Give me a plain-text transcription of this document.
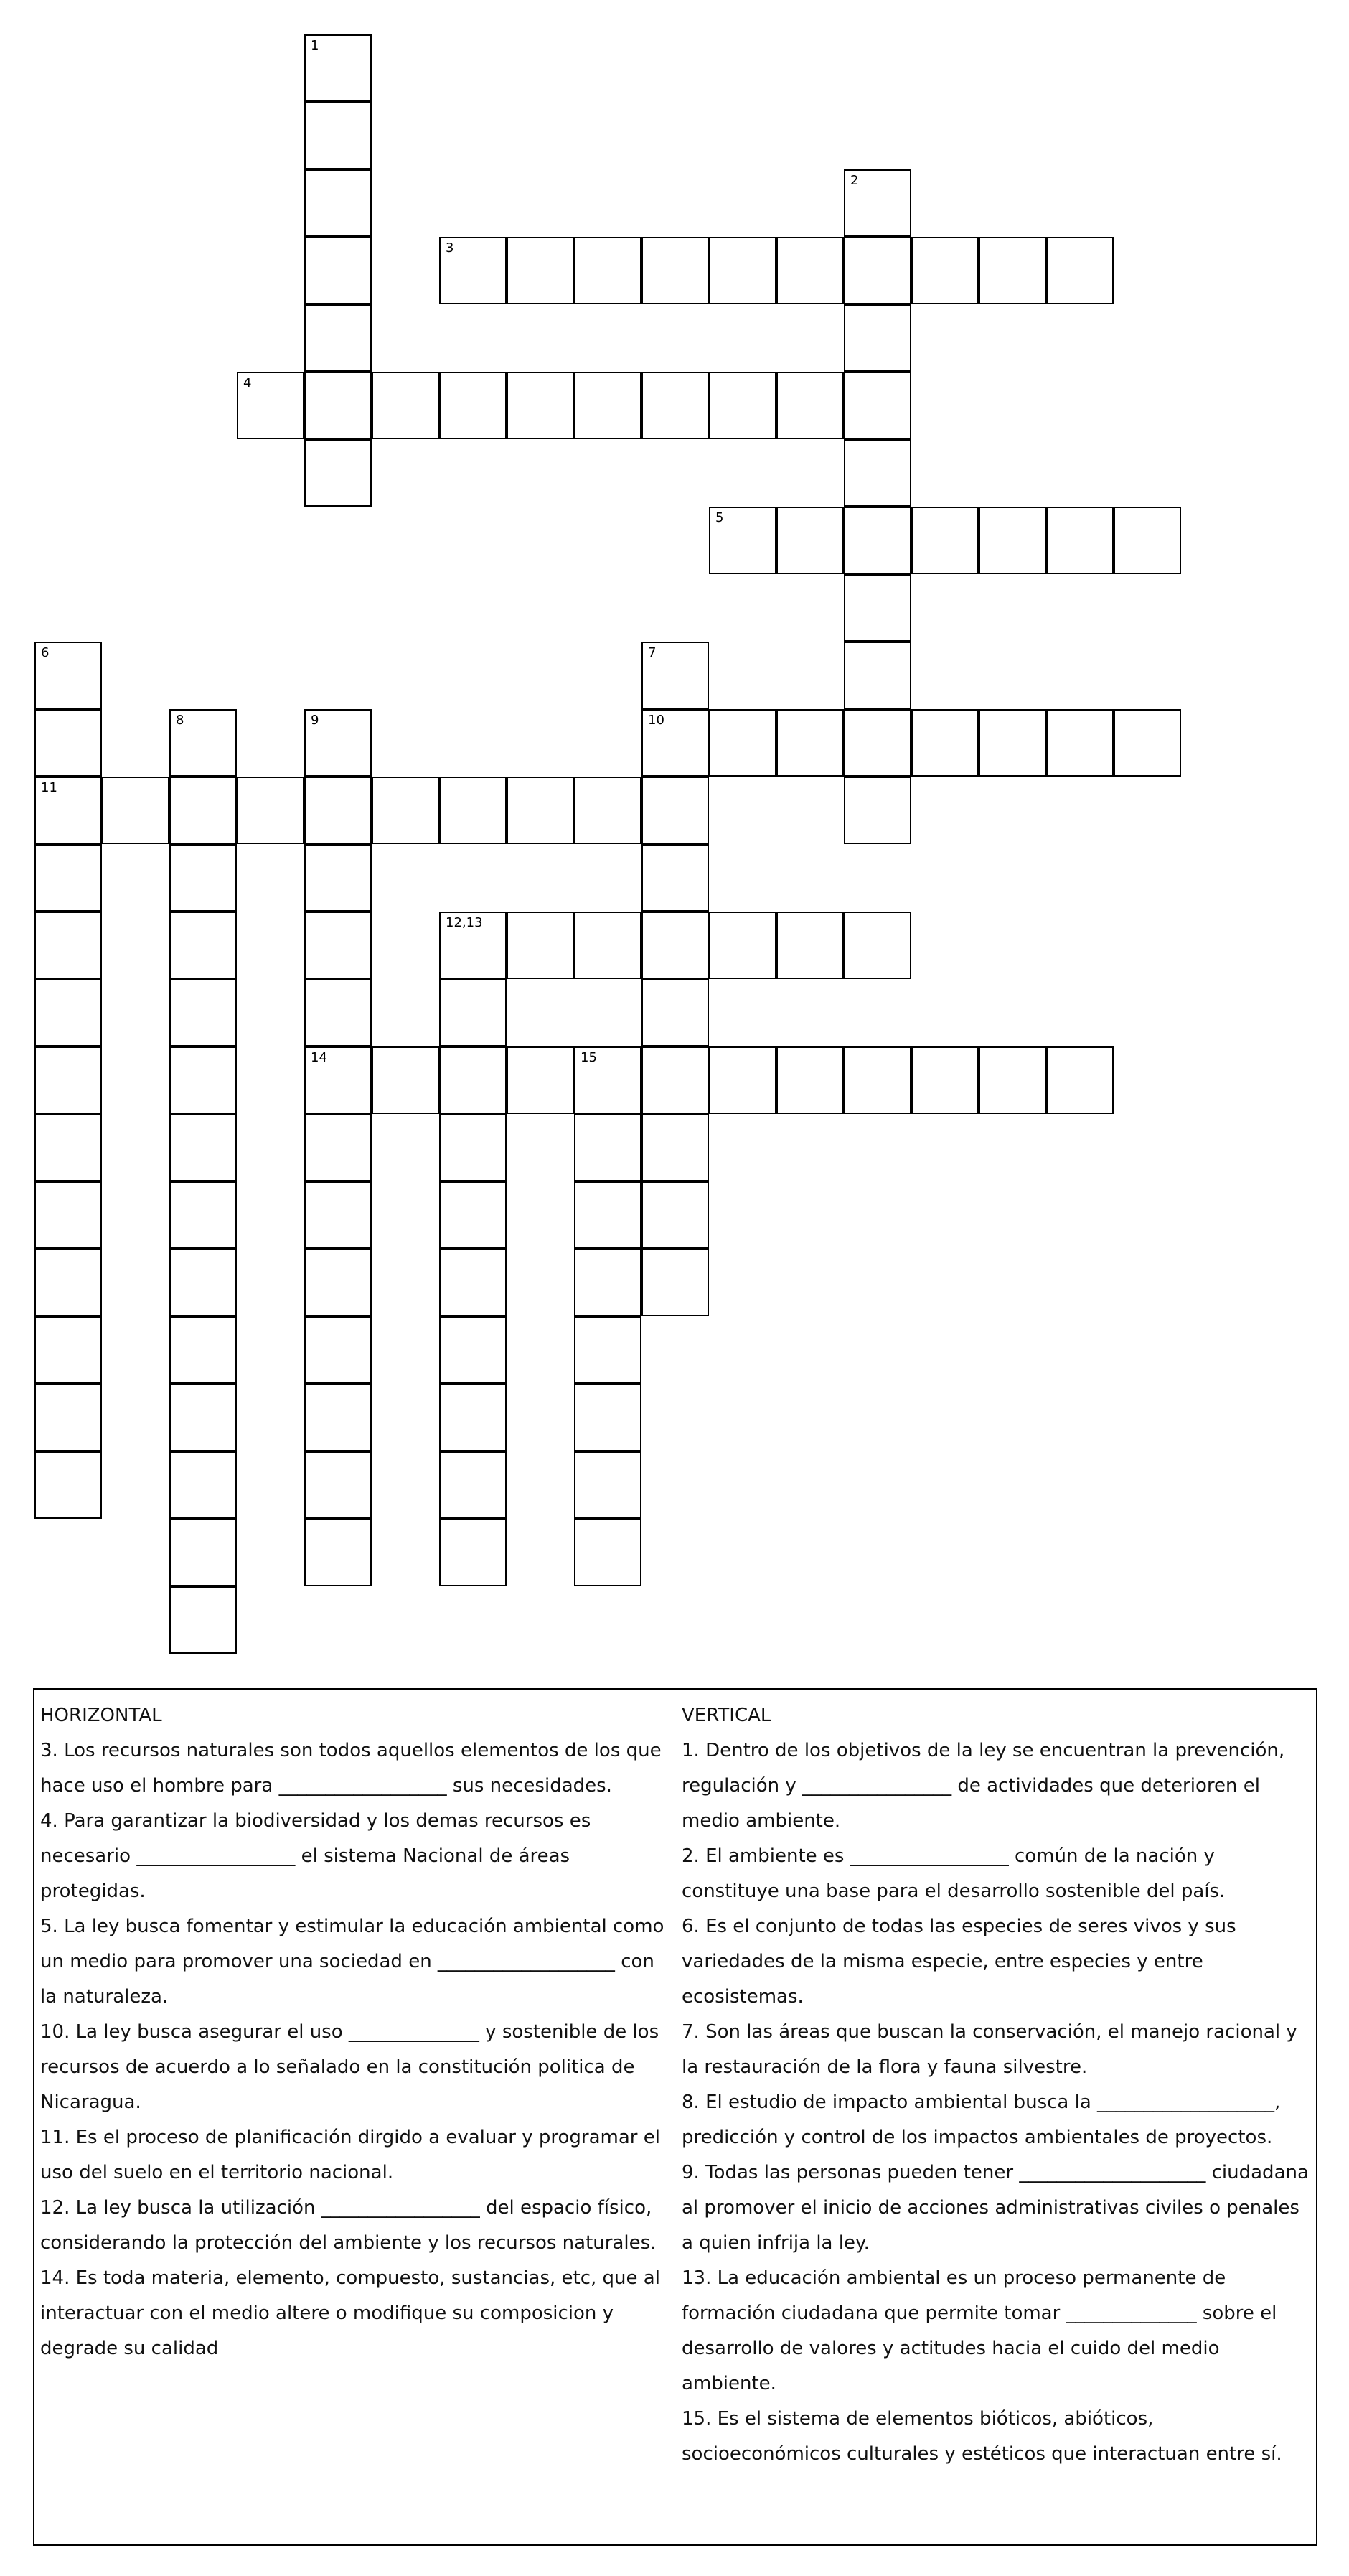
1
2
3
4
5
6
11
7
10
8	9
14
12,13
15
HORIZONTAL
3. Los recursos naturales son todos aquellos elementos de los que hace uso el hombre para __________________ sus necesidades.
4. Para garantizar la biodiversidad y los demas recursos es necesario _________________ el sistema Nacional de áreas protegidas.
5. La ley busca fomentar y estimular la educación ambiental como un medio para promover una sociedad en ___________________ con la naturaleza.
10. La ley busca asegurar el uso ______________ y sostenible de los recursos de acuerdo a lo señalado en la constitución politica de Nicaragua.
11. Es el proceso de planificación dirgido a evaluar y programar el uso del suelo en el territorio nacional.
12. La ley busca la utilización _________________ del espacio físico, considerando la protección del ambiente y los recursos naturales.
14. Es toda materia, elemento, compuesto, sustancias, etc, que al interactuar con el medio altere o modifique su composicion y degrade su calidad
VERTICAL
1. Dentro de los objetivos de la ley se encuentran la prevención, regulación y ________________ de actividades que deterioren el medio ambiente.
2. El ambiente es _________________ común de la nación y constituye una base para el desarrollo sostenible del país.
6. Es el conjunto de todas las especies de seres vivos y sus variedades de la misma especie, entre especies y entre ecosistemas.
7. Son las áreas que buscan la conservación, el manejo racional y la restauración de la flora y fauna silvestre.
8. El estudio de impacto ambiental busca la ___________________, predicción y control de los impactos ambientales de proyectos.
9. Todas las personas pueden tener ____________________ ciudadana al promover el inicio de acciones administrativas civiles o penales a quien infrija la ley.
13. La educación ambiental es un proceso permanente de formación ciudadana que permite tomar ______________ sobre el desarrollo de valores y actitudes hacia el cuido del medio ambiente.
15. Es el sistema de elementos bióticos, abióticos, socioeconómicos culturales y estéticos que interactuan entre sí.
